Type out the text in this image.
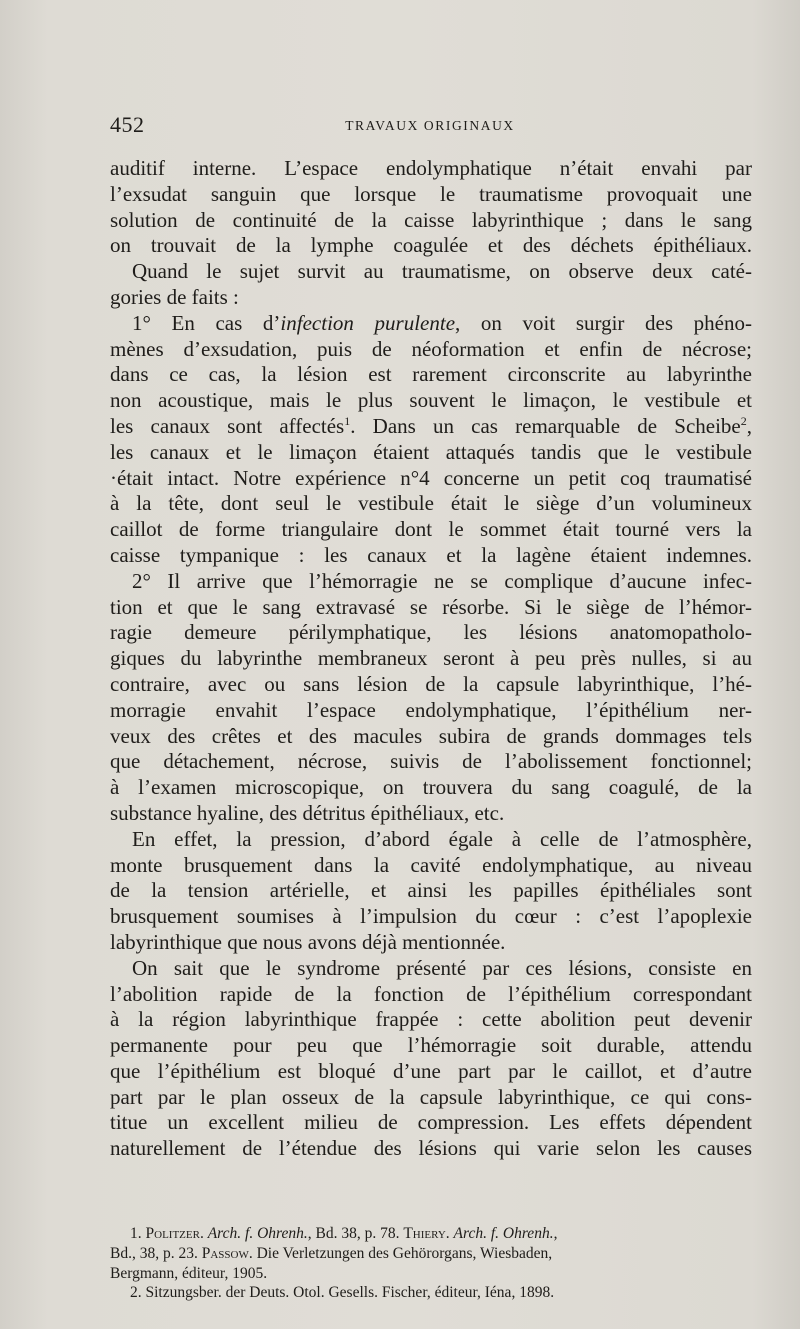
452	TRAVAUX ORIGINAUX
auditif interne. L’espace endolymphatique n’était envahi par
l’exsudat sanguin que lorsque le traumatisme provoquait une
solution de continuité de la caisse labyrinthique ; dans le sang
on trouvait de la lymphe coagulée et des déchets épithéliaux.
Quand le sujet survit au traumatisme, on observe deux caté-
gories de faits :
1° En cas d’infection purulente, on voit surgir des phéno-
mènes d’exsudation, puis de néoformation et enfin de nécrose;
dans ce cas, la lésion est rarement circonscrite au labyrinthe
non acoustique, mais le plus souvent le limaçon, le vestibule et
les canaux sont affectés$^1$. Dans un cas remarquable de Scheibe$^2$,
les canaux et le limaçon étaient attaqués tandis que le vestibule
·était intact. Notre expérience n°4 concerne un petit coq traumatisé
à la tête, dont seul le vestibule était le siège d’un volumineux
caillot de forme triangulaire dont le sommet était tourné vers la
caisse tympanique : les canaux et la lagène étaient indemnes.
2° Il arrive que l’hémorragie ne se complique d’aucune infec-
tion et que le sang extravasé se résorbe. Si le siège de l’hémor-
ragie demeure périlymphatique, les lésions anatomopatholo-
giques du labyrinthe membraneux seront à peu près nulles, si au
contraire, avec ou sans lésion de la capsule labyrinthique, l’hé-
morragie envahit l’espace endolymphatique, l’épithélium ner-
veux des crêtes et des macules subira de grands dommages tels
que détachement, nécrose, suivis de l’abolissement fonctionnel;
à l’examen microscopique, on trouvera du sang coagulé, de la
substance hyaline, des détritus épithéliaux, etc.
En effet, la pression, d’abord égale à celle de l’atmosphère,
monte brusquement dans la cavité endolymphatique, au niveau
de la tension artérielle, et ainsi les papilles épithéliales sont
brusquement soumises à l’impulsion du cœur : c’est l’apoplexie
labyrinthique que nous avons déjà mentionnée.
On sait que le syndrome présenté par ces lésions, consiste en
l’abolition rapide de la fonction de l’épithélium correspondant
à la région labyrinthique frappée : cette abolition peut devenir
permanente pour peu que l’hémorragie soit durable, attendu
que l’épithélium est bloqué d’une part par le caillot, et d’autre
part par le plan osseux de la capsule labyrinthique, ce qui cons-
titue un excellent milieu de compression. Les effets dépendent
naturellement de l’étendue des lésions qui varie selon les causes
1. Politzer. Arch. f. Ohrenh., Bd. 38, p. 78. Thiery. Arch. f. Ohrenh.,
Bd., 38, p. 23. Passow. Die Verletzungen des Gehörorgans, Wiesbaden,
Bergmann, éditeur, 1905.
2. Sitzungsber. der Deuts. Otol. Gesells. Fischer, éditeur, Iéna, 1898.
